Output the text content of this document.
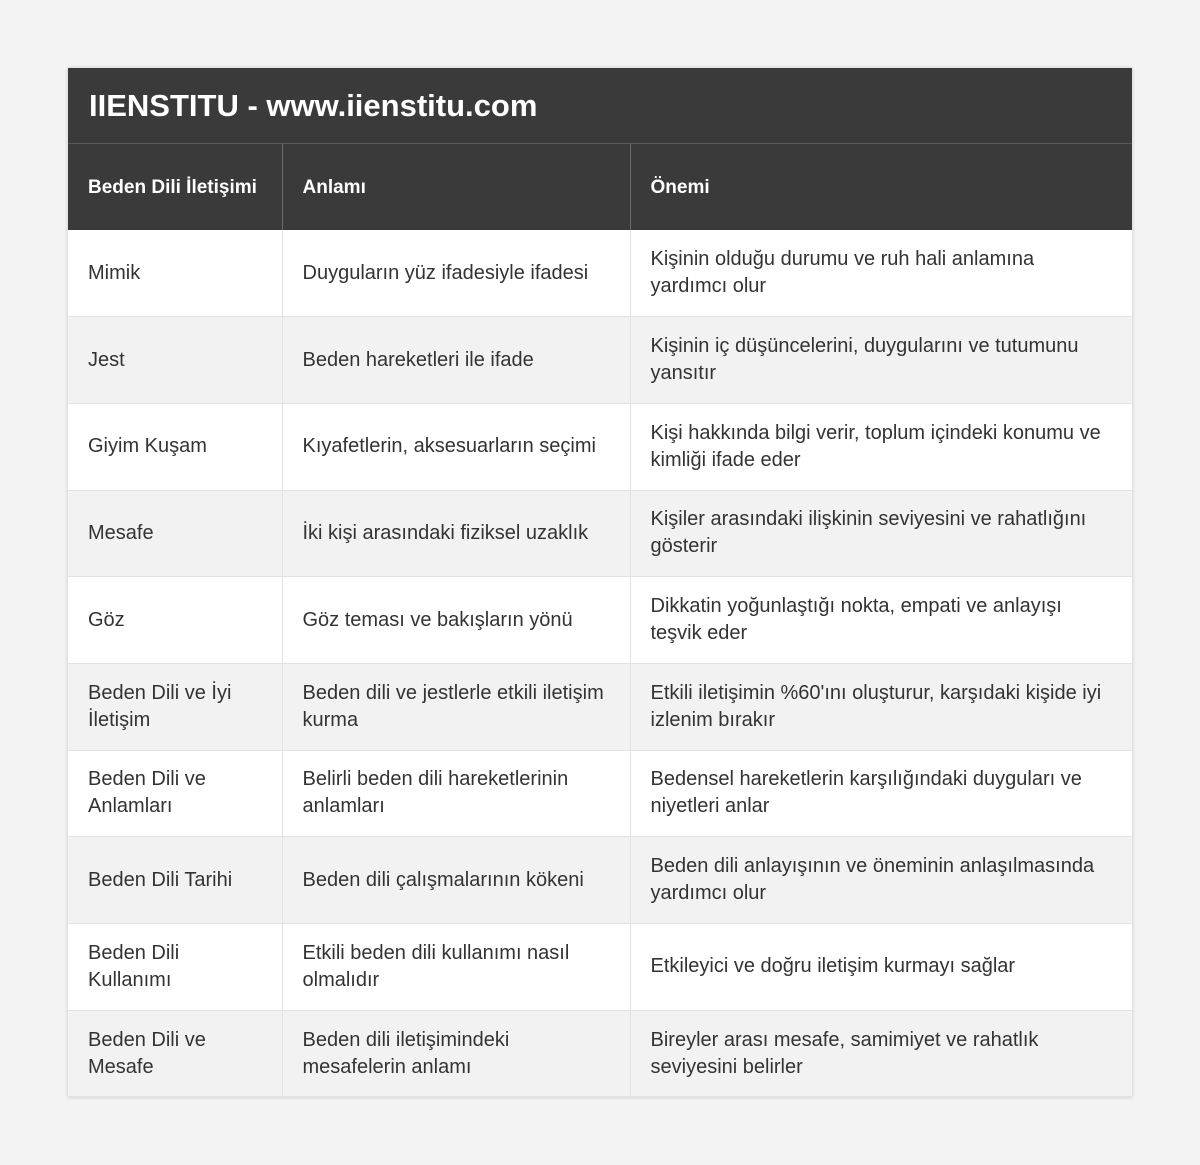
IIENSTITU - www.iienstitu.com
Beden Dili İletişimi	Anlamı	Önemi
Mimik	Duyguların yüz ifadesiyle ifadesi	Kişinin olduğu durumu ve ruh hali anlamına yardımcı olur
Jest	Beden hareketleri ile ifade	Kişinin iç düşüncelerini, duygularını ve tutumunu yansıtır
Giyim Kuşam	Kıyafetlerin, aksesuarların seçimi	Kişi hakkında bilgi verir, toplum içindeki konumu ve kimliği ifade eder
Mesafe	İki kişi arasındaki fiziksel uzaklık	Kişiler arasındaki ilişkinin seviyesini ve rahatlığını gösterir
Göz	Göz teması ve bakışların yönü	Dikkatin yoğunlaştığı nokta, empati ve anlayışı teşvik eder
Beden Dili ve İyi İletişim	Beden dili ve jestlerle etkili iletişim kurma	Etkili iletişimin %60'ını oluşturur, karşıdaki kişide iyi izlenim bırakır
Beden Dili ve Anlamları	Belirli beden dili hareketlerinin anlamları	Bedensel hareketlerin karşılığındaki duyguları ve niyetleri anlar
Beden Dili Tarihi	Beden dili çalışmalarının kökeni	Beden dili anlayışının ve öneminin anlaşılmasında yardımcı olur
Beden Dili Kullanımı	Etkili beden dili kullanımı nasıl olmalıdır	Etkileyici ve doğru iletişim kurmayı sağlar
Beden Dili ve Mesafe	Beden dili iletişimindeki mesafelerin anlamı	Bireyler arası mesafe, samimiyet ve rahatlık seviyesini belirler
